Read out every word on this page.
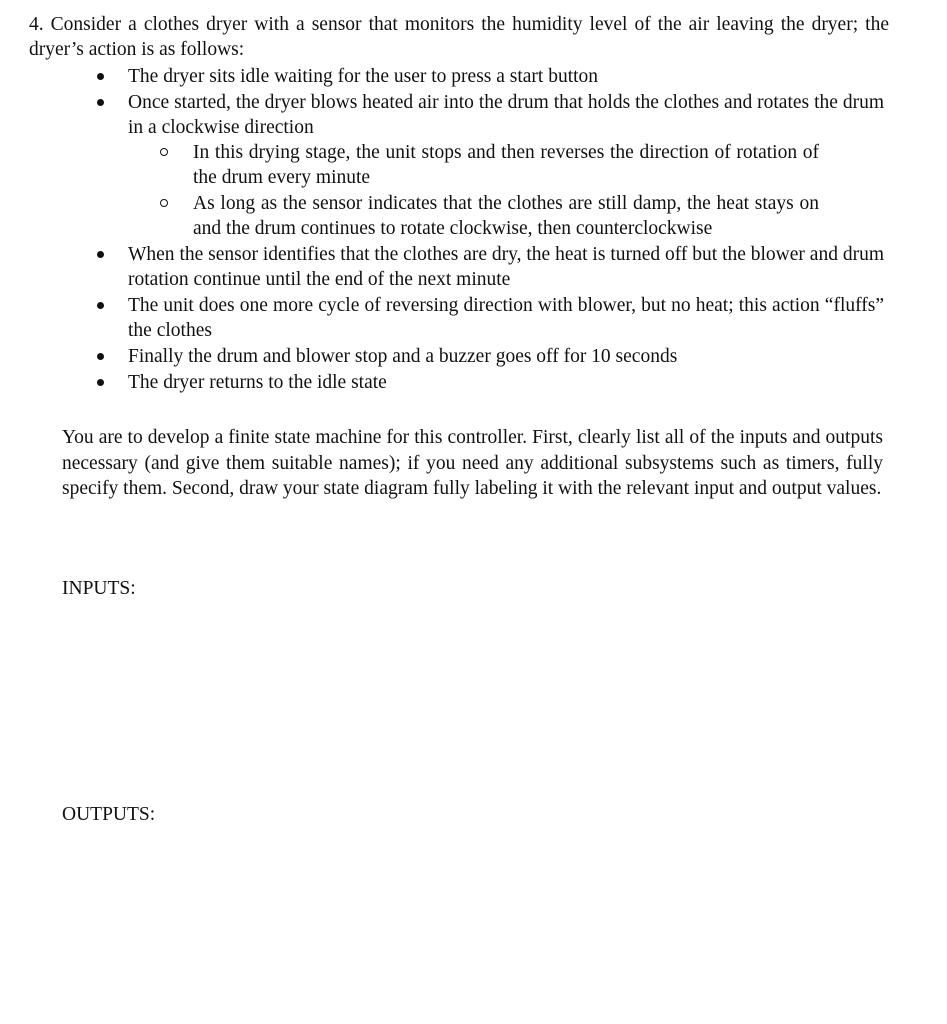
4. Consider a clothes dryer with a sensor that monitors the humidity level of the air leaving the dryer; the dryer’s action is as follows:

The dryer sits idle waiting for the user to press a start button
Once started, the dryer blows heated air into the drum that holds the clothes and rotates the drum in a clockwise direction
In this drying stage, the unit stops and then reverses the direction of rotation of the drum every minute
As long as the sensor indicates that the clothes are still damp, the heat stays on and the drum continues to rotate clockwise, then counterclockwise
When the sensor identifies that the clothes are dry, the heat is turned off but the blower and drum rotation continue until the end of the next minute
The unit does one more cycle of reversing direction with blower, but no heat; this action “fluffs” the clothes
Finally the drum and blower stop and a buzzer goes off for 10 seconds
The dryer returns to the idle state

You are to develop a finite state machine for this controller. First, clearly list all of the inputs and outputs necessary (and give them suitable names); if you need any additional subsystems such as timers, fully specify them. Second, draw your state diagram fully labeling it with the relevant input and output values.

INPUTS:

OUTPUTS:
